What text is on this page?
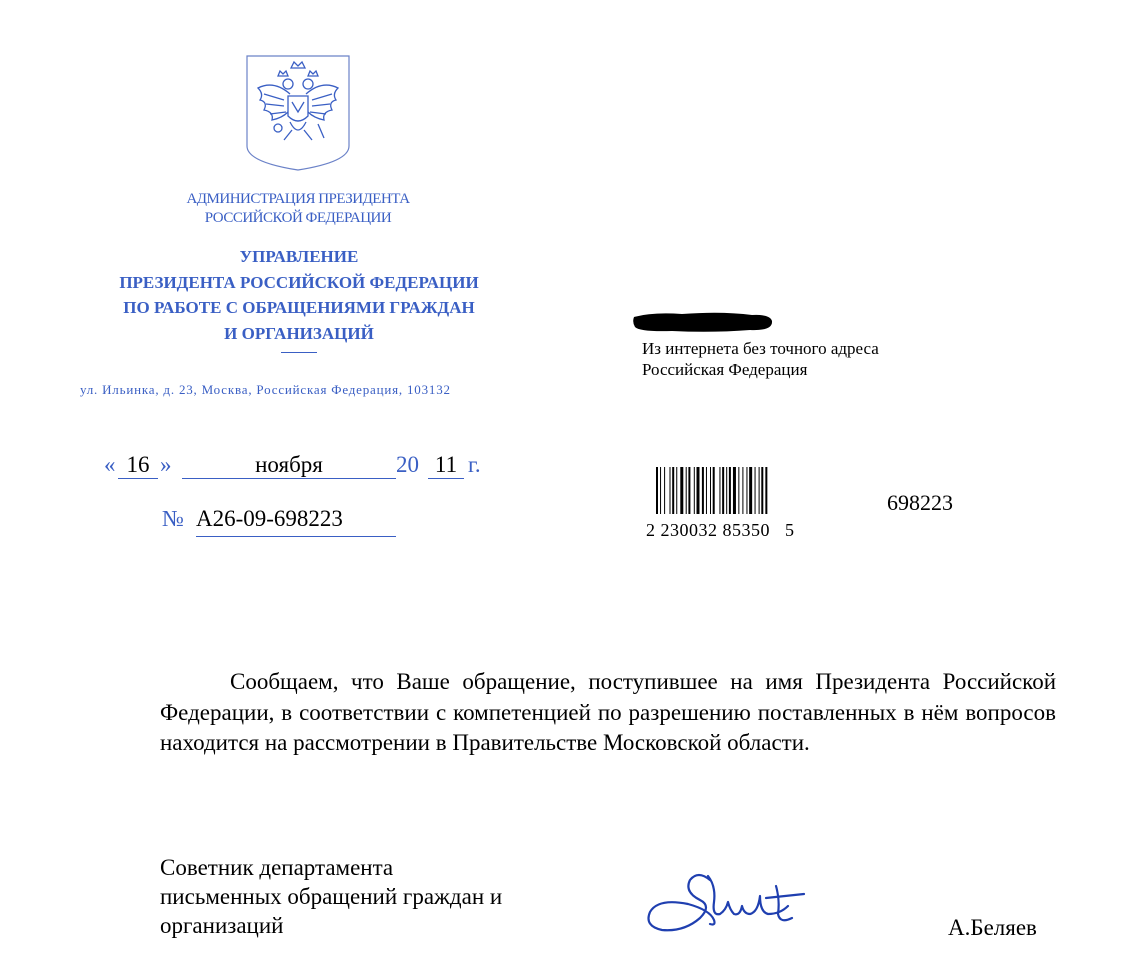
АДМИНИСТРАЦИЯ ПРЕЗИДЕНТА
РОССИЙСКОЙ ФЕДЕРАЦИИ
УПРАВЛЕНИЕ
ПРЕЗИДЕНТА РОССИЙСКОЙ ФЕДЕРАЦИИ
ПО РАБОТЕ С ОБРАЩЕНИЯМИ ГРАЖДАН
И ОРГАНИЗАЦИЙ
ул. Ильинка, д. 23, Москва, Российская Федерация, 103132
« 16 »	ноября	20 11 г.
№ А26-09-698223
Из интернета без точного адреса
Российская Федерация
2 230032 85350   5
698223
Сообщаем, что Ваше обращение, поступившее на имя Президента Российской Федерации, в соответствии с компетенцией по разрешению поставленных в нём вопросов находится на рассмотрении в Правительстве Московской области.
Советник департамента
письменных обращений граждан и
организаций	А.Беляев
